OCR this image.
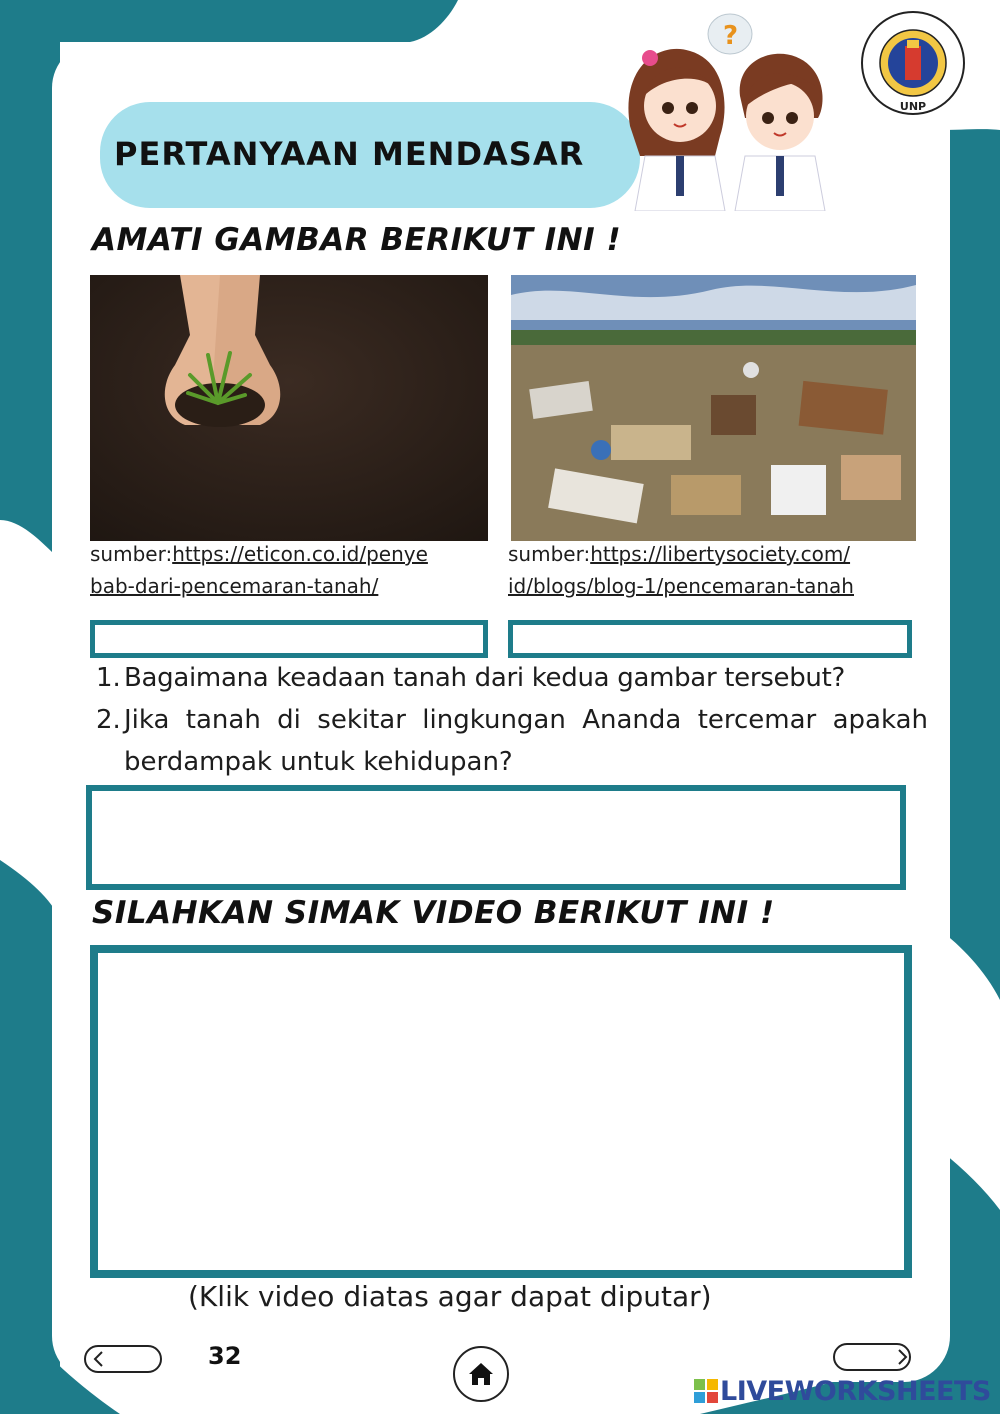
PERTANYAAN MENDASAR
?
UNP
AMATI GAMBAR BERIKUT INI !
sumber:https://eticon.co.id/penye
bab-dari-pencemaran-tanah/
sumber:https://libertysociety.com/
id/blogs/blog-1/pencemaran-tanah
1. Bagaimana keadaan tanah dari kedua gambar tersebut?
2. Jika tanah di sekitar lingkungan Ananda tercemar apakah berdampak untuk kehidupan?
SILAHKAN SIMAK VIDEO BERIKUT INI !
(Klik video diatas agar dapat diputar)
32
LIVEWORKSHEETS
